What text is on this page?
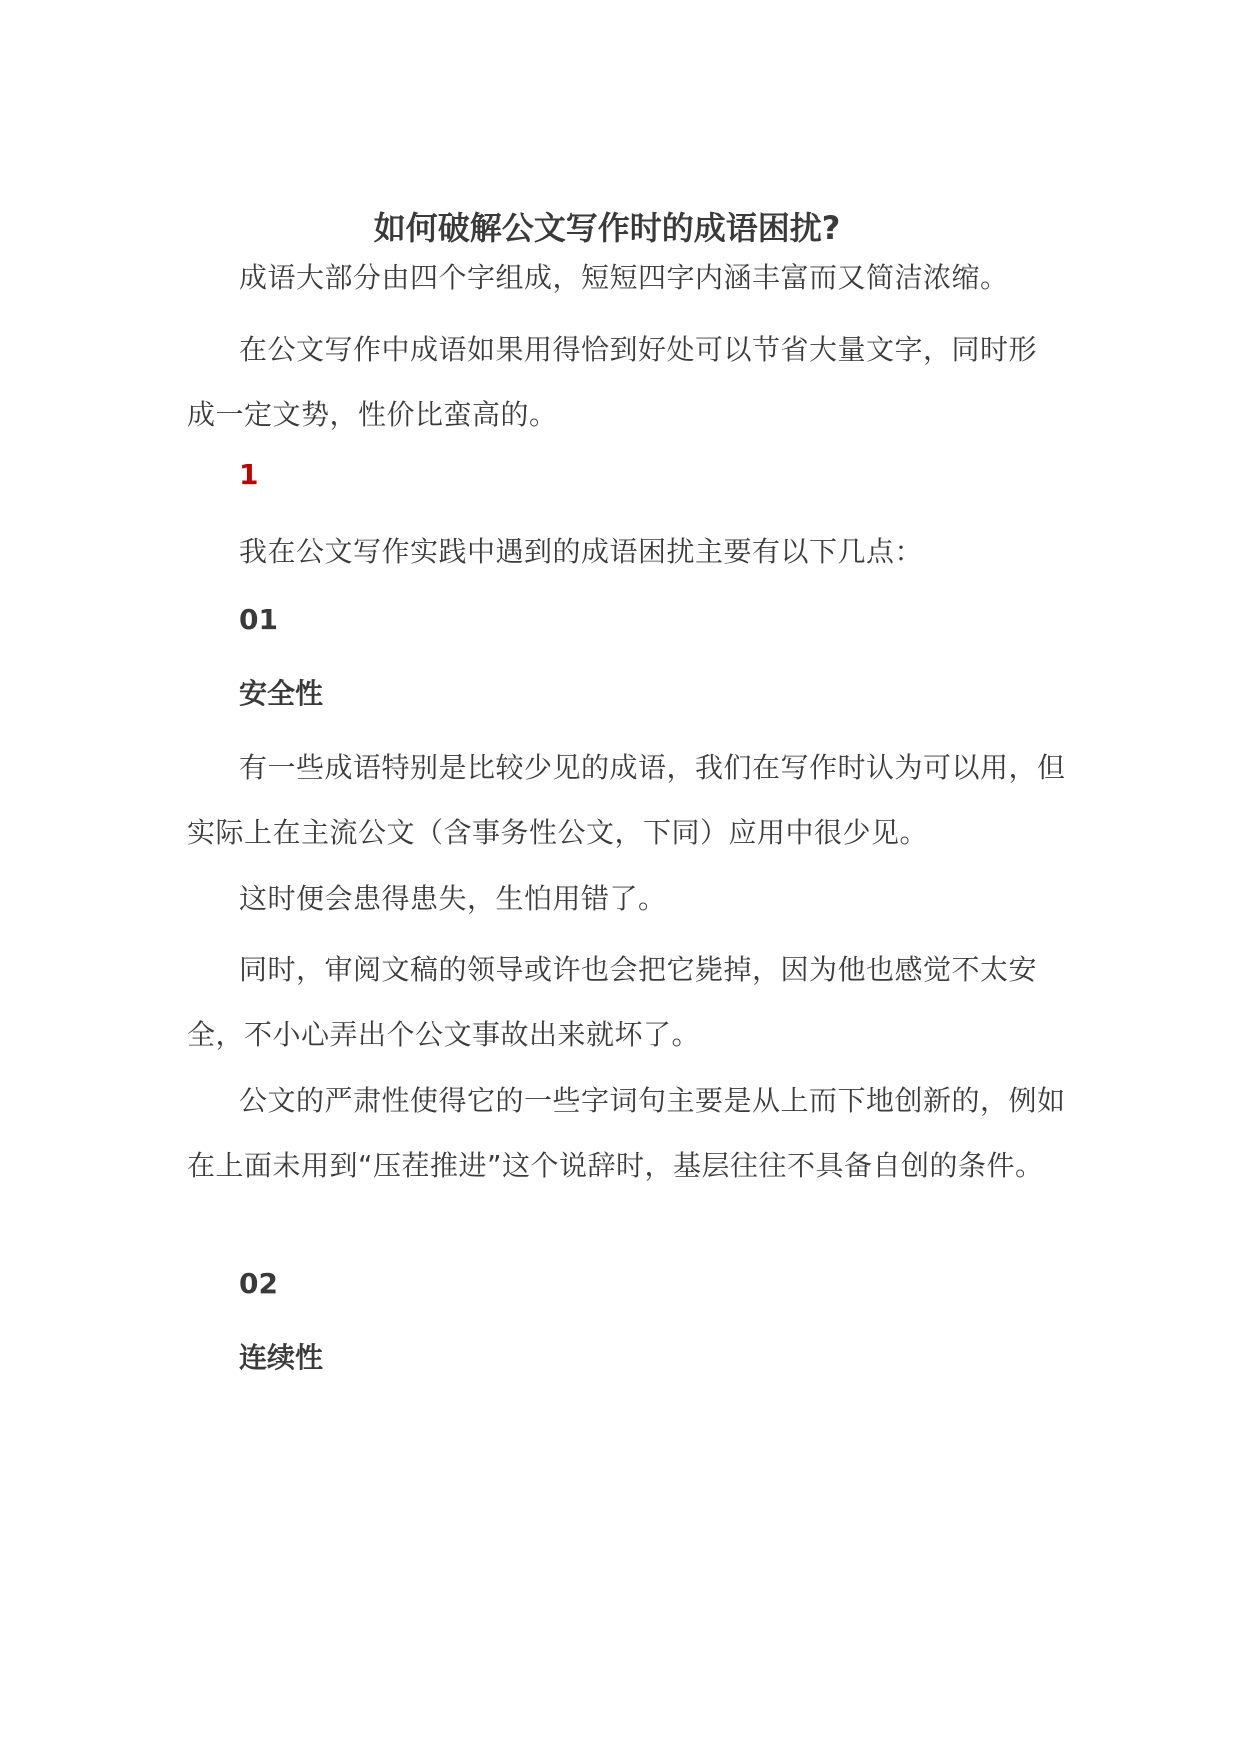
如何破解公文写作时的成语困扰?

成语大部分由四个字组成，短短四字内涵丰富而又简洁浓缩。

在公文写作中成语如果用得恰到好处可以节省大量文字，同时形成一定文势，性价比蛮高的。

1

我在公文写作实践中遇到的成语困扰主要有以下几点：

01
安全性

有一些成语特别是比较少见的成语，我们在写作时认为可以用，但实际上在主流公文（含事务性公文，下同）应用中很少见。

这时便会患得患失，生怕用错了。

同时，审阅文稿的领导或许也会把它毙掉，因为他也感觉不太安全，不小心弄出个公文事故出来就坏了。

公文的严肃性使得它的一些字词句主要是从上而下地创新的，例如在上面未用到“压茬推进”这个说辞时，基层往往不具备自创的条件。

02
连续性
